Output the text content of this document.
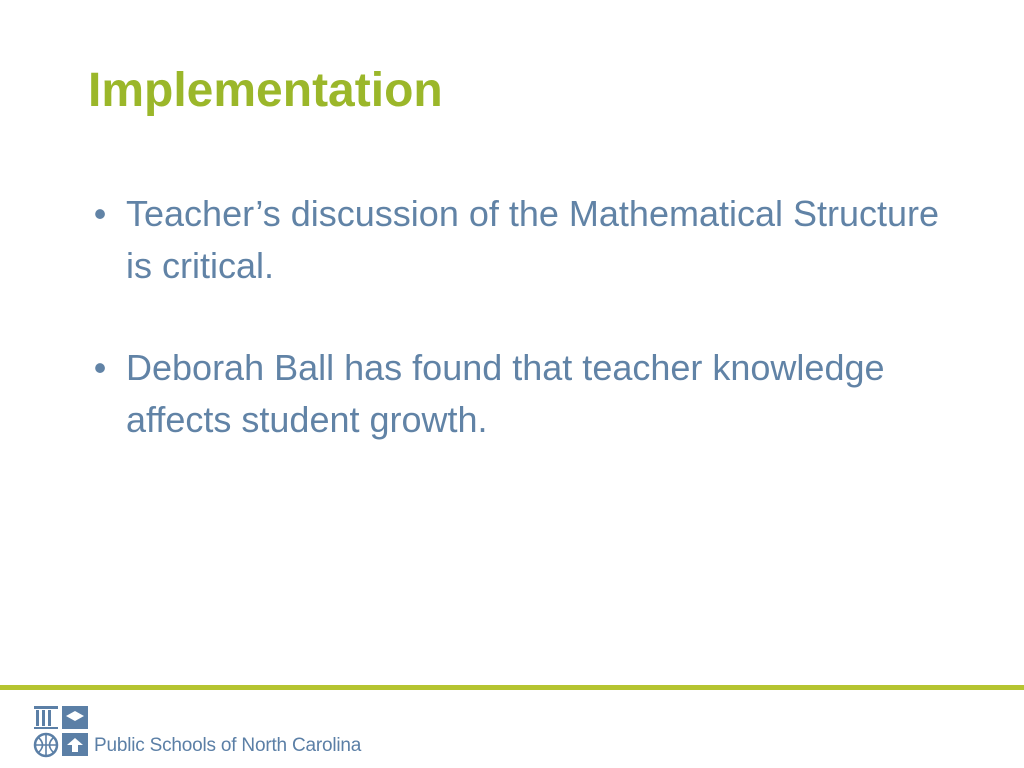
Implementation
• Teacher’s discussion of the Mathematical Structure is critical.
• Deborah Ball has found that teacher knowledge affects student growth.
Public Schools of North Carolina
